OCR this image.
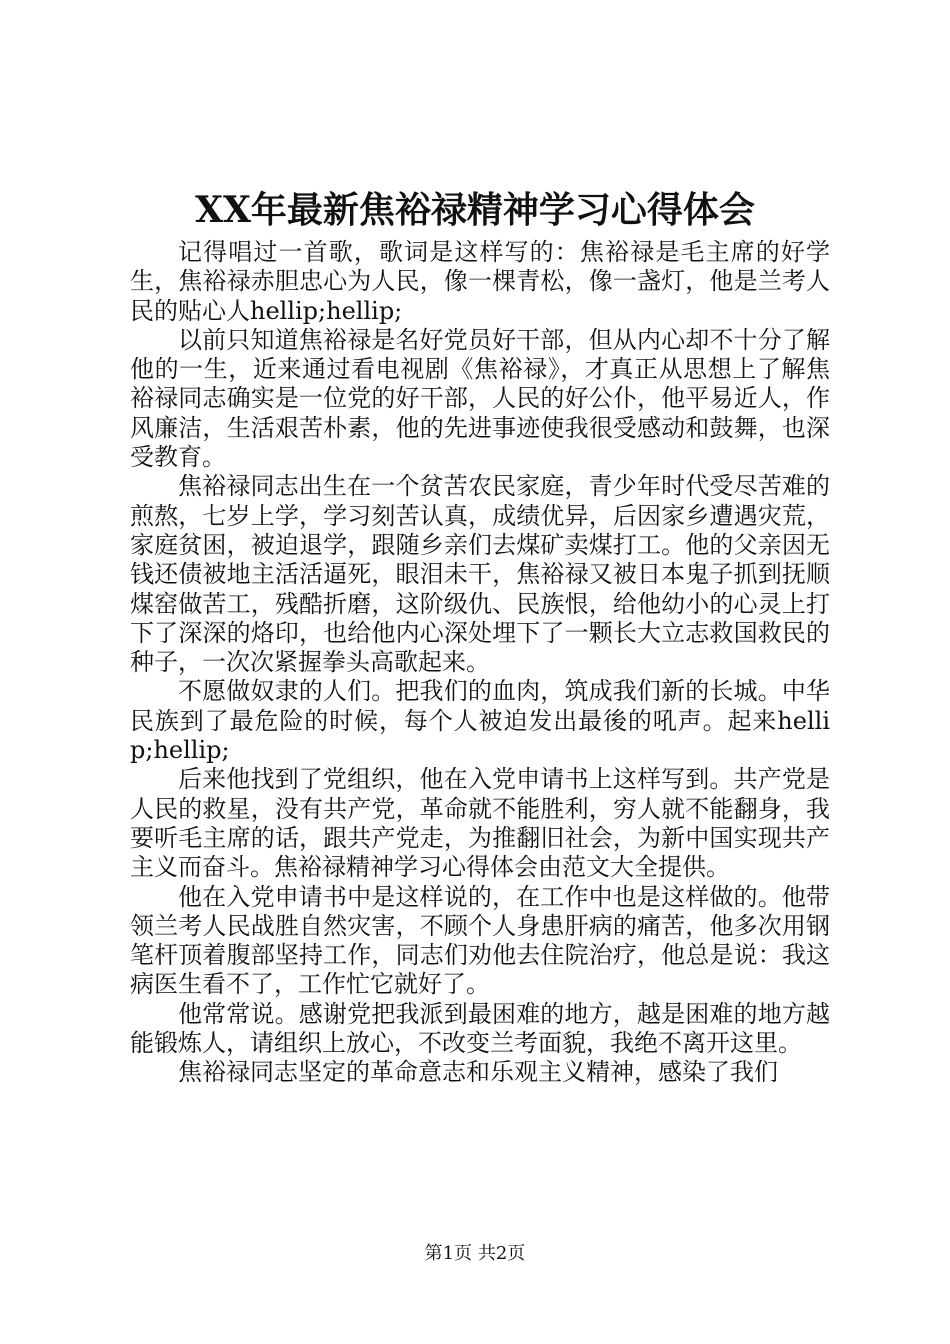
XX年最新焦裕禄精神学习心得体会

记得唱过一首歌，歌词是这样写的：焦裕禄是毛主席的好学生，焦裕禄赤胆忠心为人民，像一棵青松，像一盏灯，他是兰考人民的贴心人hellip;hellip;

以前只知道焦裕禄是名好党员好干部，但从内心却不十分了解他的一生，近来通过看电视剧《焦裕禄》，才真正从思想上了解焦裕禄同志确实是一位党的好干部，人民的好公仆，他平易近人，作风廉洁，生活艰苦朴素，他的先进事迹使我很受感动和鼓舞，也深受教育。

焦裕禄同志出生在一个贫苦农民家庭，青少年时代受尽苦难的煎熬，七岁上学，学习刻苦认真，成绩优异，后因家乡遭遇灾荒，家庭贫困，被迫退学，跟随乡亲们去煤矿卖煤打工。他的父亲因无钱还债被地主活活逼死，眼泪未干，焦裕禄又被日本鬼子抓到抚顺煤窑做苦工，残酷折磨，这阶级仇、民族恨，给他幼小的心灵上打下了深深的烙印，也给他内心深处埋下了一颗长大立志救国救民的种子，一次次紧握拳头高歌起来。

不愿做奴隶的人们。把我们的血肉，筑成我们新的长城。中华民族到了最危险的时候，每个人被迫发出最後的吼声。起来hellip;hellip;

后来他找到了党组织，他在入党申请书上这样写到。共产党是人民的救星，没有共产党，革命就不能胜利，穷人就不能翻身，我要听毛主席的话，跟共产党走，为推翻旧社会，为新中国实现共产主义而奋斗。焦裕禄精神学习心得体会由范文大全提供。

他在入党申请书中是这样说的，在工作中也是这样做的。他带领兰考人民战胜自然灾害，不顾个人身患肝病的痛苦，他多次用钢笔杆顶着腹部坚持工作，同志们劝他去住院治疗，他总是说：我这病医生看不了，工作忙它就好了。

他常常说。感谢党把我派到最困难的地方，越是困难的地方越能锻炼人，请组织上放心，不改变兰考面貌，我绝不离开这里。

焦裕禄同志坚定的革命意志和乐观主义精神，感染了我们

第1页 共2页
